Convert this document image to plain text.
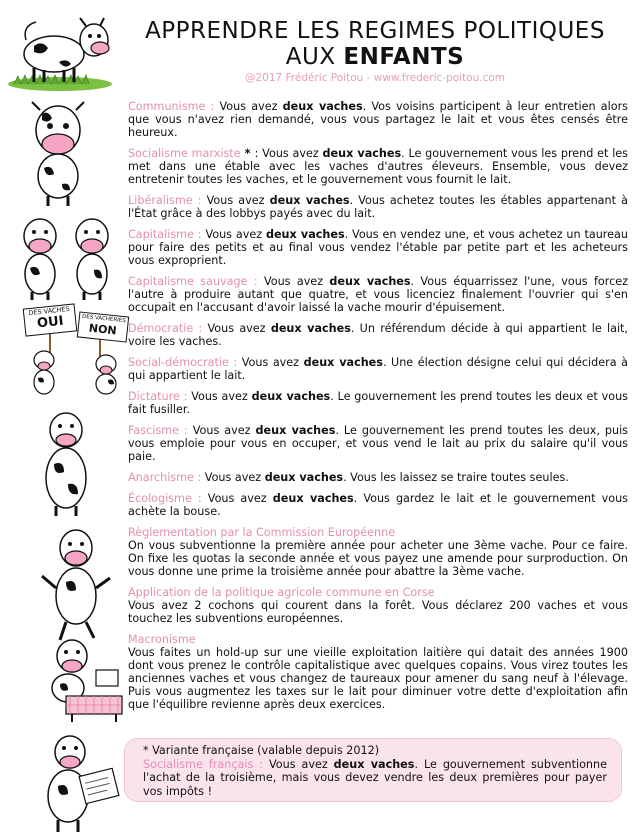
APPRENDRE LES REGIMES POLITIQUES
AUX ENFANTS
@2017 Frédéric Poitou - www.frederic-poitou.com
DES VACHES
OUI	DES VACHERIES
NON
Communisme : Vous avez deux vaches. Vos voisins participent à leur entretien alors que vous n'avez rien demandé, vous vous partagez le lait et vous êtes censés être heureux.
Socialisme marxiste * : Vous avez deux vaches. Le gouvernement vous les prend et les met dans une étable avec les vaches d'autres éleveurs. Ensemble, vous devez entretenir toutes les vaches, et le gouvernement vous fournit le lait.
Libéralisme : Vous avez deux vaches. Vous achetez toutes les étables appartenant à l'État grâce à des lobbys payés avec du lait.
Capitalisme : Vous avez deux vaches. Vous en vendez une, et vous achetez un taureau pour faire des petits et au final vous vendez l'étable par petite part et les acheteurs vous exproprient.
Capitalisme sauvage : Vous avez deux vaches. Vous équarrissez l'une, vous forcez l'autre à produire autant que quatre, et vous licenciez finalement l'ouvrier qui s'en occupait en l'accusant d'avoir laissé la vache mourir d'épuisement.
Démocratie : Vous avez deux vaches. Un référendum décide à qui appartient le lait, voire les vaches.
Social-démocratie : Vous avez deux vaches. Une élection désigne celui qui décidera à qui appartient le lait.
Dictature : Vous avez deux vaches. Le gouvernement les prend toutes les deux et vous fait fusiller.
Fascisme : Vous avez deux vaches. Le gouvernement les prend toutes les deux, puis vous emploie pour vous en occuper, et vous vend le lait au prix du salaire qu'il vous paie.
Anarchisme : Vous avez deux vaches. Vous les laissez se traire toutes seules.
Écologisme : Vous avez deux vaches. Vous gardez le lait et le gouvernement vous achète la bouse.
Règlementation par la Commission Européenne
On vous subventionne la première année pour acheter une 3ème vache. Pour ce faire. On fixe les quotas la seconde année et vous payez une amende pour surproduction. On vous donne une prime la troisième année pour abattre la 3ème vache.
Application de la politique agricole commune en Corse
Vous avez 2 cochons qui courent dans la forêt. Vous déclarez 200 vaches et vous touchez les subventions européennes.
Macronisme
Vous faites un hold-up sur une vieille exploitation laitière qui datait des années 1900 dont vous prenez le contrôle capitalistique avec quelques copains. Vous virez toutes les anciennes vaches et vous changez de taureaux pour amener du sang neuf à l'élevage. Puis vous augmentez les taxes sur le lait pour diminuer votre dette d'exploitation afin que l'équilibre revienne après deux exercices.
* Variante française (valable depuis 2012)
Socialisme français : Vous avez deux vaches. Le gouvernement subventionne l'achat de la troisième, mais vous devez vendre les deux premières pour payer vos impôts !
